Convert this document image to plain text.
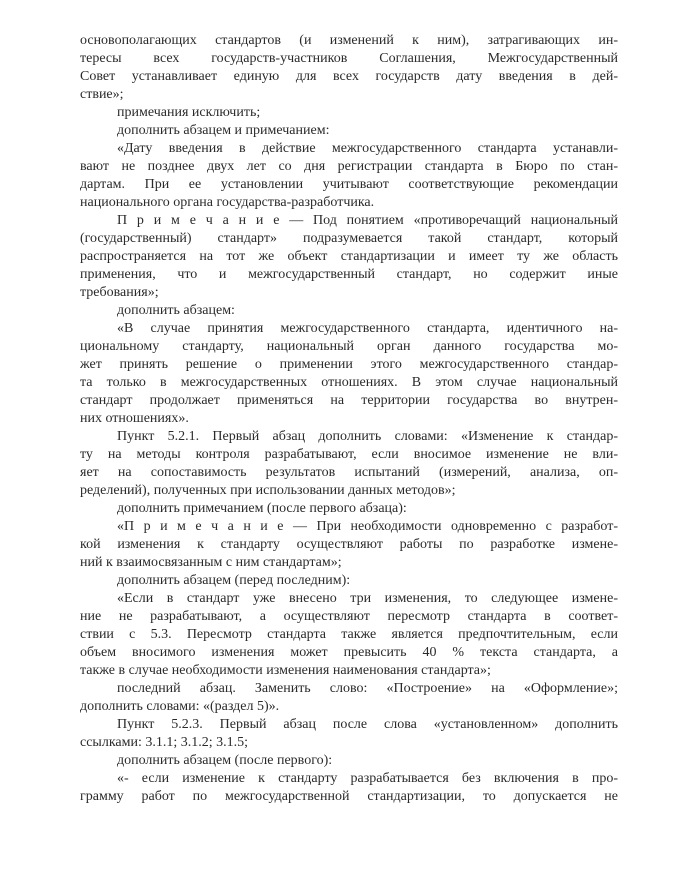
основополагающих стандартов (и изменений к ним), затрагивающих ин-
тересы всех государств-участников Соглашения, Межгосударственный
Совет устанавливает единую для всех государств дату введения в дей-
ствие»;
примечания исключить;
дополнить абзацем и примечанием:
«Дату введения в действие межгосударственного стандарта устанавли-
вают не позднее двух лет со дня регистрации стандарта в Бюро по стан-
дартам. При ее установлении учитывают соответствующие рекомендации
национального органа государства-разработчика.
П р и м е ч а н и е — Под понятием «противоречащий национальный
(государственный) стандарт» подразумевается такой стандарт, который
распространяется на тот же объект стандартизации и имеет ту же область
применения, что и межгосударственный стандарт, но содержит иные
требования»;
дополнить абзацем:
«В случае принятия межгосударственного стандарта, идентичного на-
циональному стандарту, национальный орган данного государства мо-
жет принять решение о применении этого межгосударственного стандар-
та только в межгосударственных отношениях. В этом случае национальный
стандарт продолжает применяться на территории государства во внутрен-
них отношениях».
Пункт 5.2.1. Первый абзац дополнить словами: «Изменение к стандар-
ту на методы контроля разрабатывают, если вносимое изменение не вли-
яет на сопоставимость результатов испытаний (измерений, анализа, оп-
ределений), полученных при использовании данных методов»;
дополнить примечанием (после первого абзаца):
«П р и м е ч а н и е — При необходимости одновременно с разработ-
кой изменения к стандарту осуществляют работы по разработке измене-
ний к взаимосвязанным с ним стандартам»;
дополнить абзацем (перед последним):
«Если в стандарт уже внесено три изменения, то следующее измене-
ние не разрабатывают, а осуществляют пересмотр стандарта в соответ-
ствии с 5.3. Пересмотр стандарта также является предпочтительным, если
объем вносимого изменения может превысить 40 % текста стандарта, а
также в случае необходимости изменения наименования стандарта»;
последний абзац. Заменить слово: «Построение» на «Оформление»;
дополнить словами: «(раздел 5)».
Пункт 5.2.3. Первый абзац после слова «установленном» дополнить
ссылками: 3.1.1; 3.1.2; 3.1.5;
дополнить абзацем (после первого):
«- если изменение к стандарту разрабатывается без включения в про-
грамму работ по межгосударственной стандартизации, то допускается не
